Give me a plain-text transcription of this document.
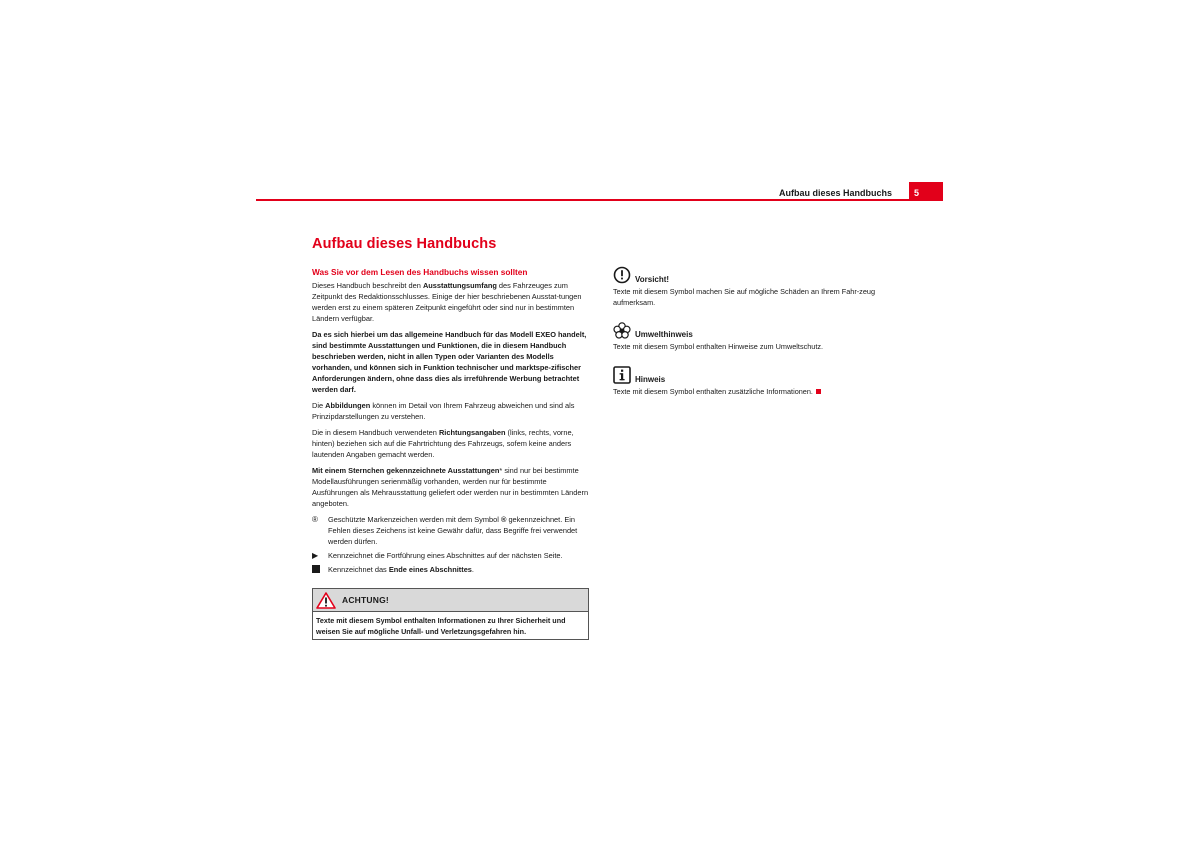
Aufbau dieses Handbuchs	5
Aufbau dieses Handbuchs
Was Sie vor dem Lesen des Handbuchs wissen sollten

Dieses Handbuch beschreibt den Ausstattungsumfang des Fahrzeuges zum Zeitpunkt des Redaktionsschlusses. Einige der hier beschriebenen Ausstat-tungen werden erst zu einem späteren Zeitpunkt eingeführt oder sind nur in bestimmten Ländern verfügbar.

Da es sich hierbei um das allgemeine Handbuch für das Modell EXEO handelt, sind bestimmte Ausstattungen und Funktionen, die in diesem Handbuch beschrieben werden, nicht in allen Typen oder Varianten des Modells vorhanden, und können sich in Funktion technischer und marktspe-zifischer Anforderungen ändern, ohne dass dies als irreführende Werbung betrachtet werden darf.

Die Abbildungen können im Detail von Ihrem Fahrzeug abweichen und sind als Prinzipdarstellungen zu verstehen.

Die in diesem Handbuch verwendeten Richtungsangaben (links, rechts, vorne, hinten) beziehen sich auf die Fahrtrichtung des Fahrzeugs, sofem keine anders lautenden Angaben gemacht werden.

Mit einem Sternchen gekennzeichnete Ausstattungen* sind nur bei bestimmte Modellausführungen serienmäßig vorhanden, werden nur für bestimmte Ausführungen als Mehrausstattung geliefert oder werden nur in bestimmten Ländern angeboten.

®	Geschützte Markenzeichen werden mit dem Symbol ® gekennzeichnet. Ein Fehlen dieses Zeichens ist keine Gewähr dafür, dass Begriffe frei verwendet werden dürfen.
▶	Kennzeichnet die Fortführung eines Abschnittes auf der nächsten Seite.
Kennzeichnet das Ende eines Abschnittes.
ACHTUNG!
Texte mit diesem Symbol enthalten Informationen zu Ihrer Sicherheit und weisen Sie auf mögliche Unfall- und Verletzungsgefahren hin.
Vorsicht!
Texte mit diesem Symbol machen Sie auf mögliche Schäden an Ihrem Fahr-zeug aufmerksam.
Umwelthinweis
Texte mit diesem Symbol enthalten Hinweise zum Umweltschutz.
Hinweis
Texte mit diesem Symbol enthalten zusätzliche Informationen.
